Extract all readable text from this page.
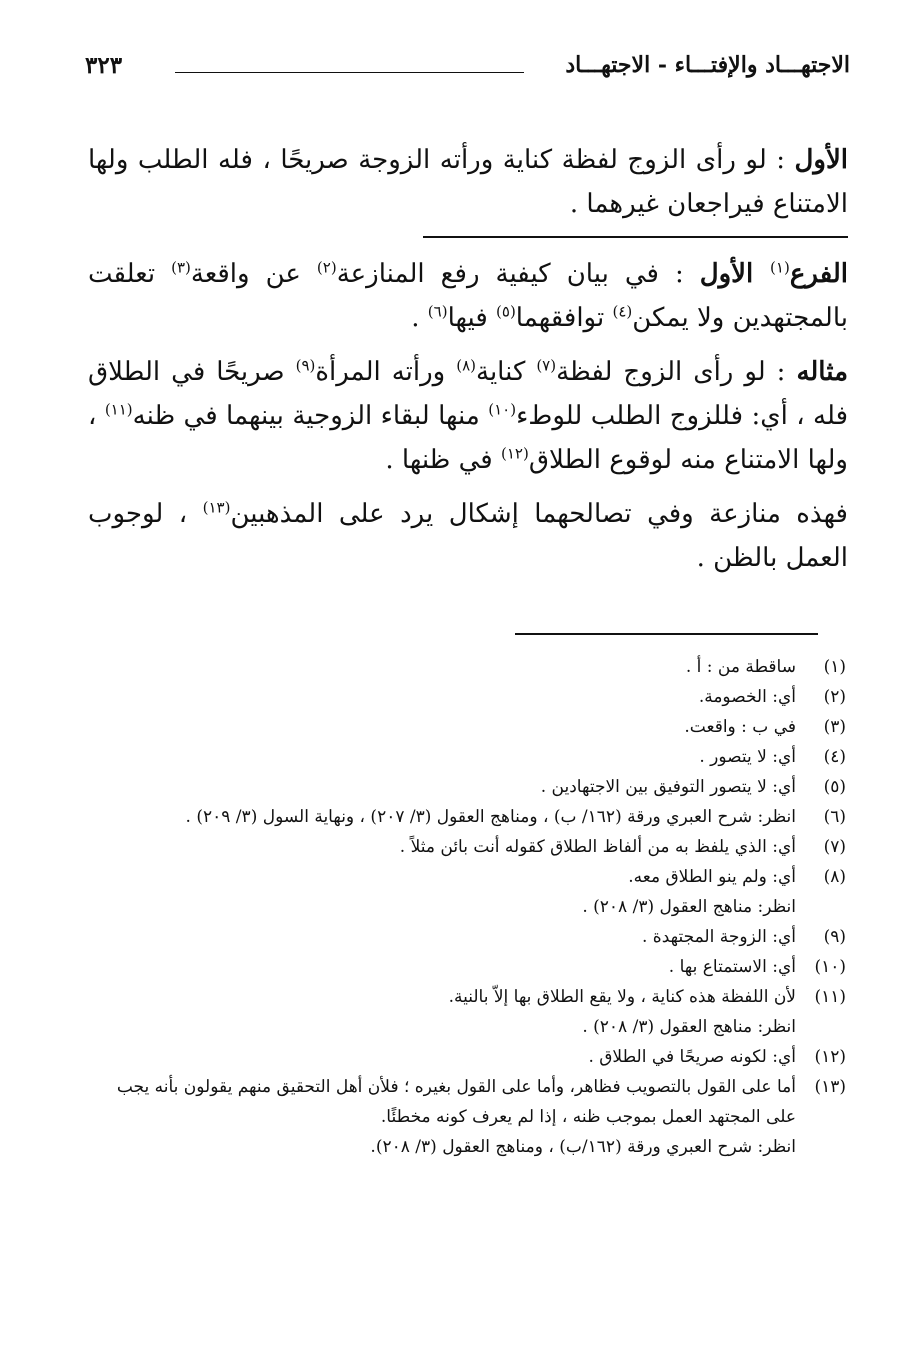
الاجتهـــاد والإفتـــاء - الاجتهـــاد
٣٢٣

الأول : لو رأى الزوج لفظة كناية ورأته الزوجة صريحًا ، فله الطلب ولها الامتناع فيراجعان غيرهما .

الفرع$^{(١)}$ الأول : في بيان كيفية رفع المنازعة$^{(٢)}$ عن واقعة$^{(٣)}$ تعلقت بالمجتهدين ولا يمكن$^{(٤)}$ توافقهما$^{(٥)}$ فيها$^{(٦)}$ .

مثاله : لو رأى الزوج لفظة$^{(٧)}$ كناية$^{(٨)}$ ورأته المرأة$^{(٩)}$ صريحًا في الطلاق فله ، أي: فللزوج الطلب للوطء$^{(١٠)}$ منها لبقاء الزوجية بينهما في ظنه$^{(١١)}$ ، ولها الامتناع منه لوقوع الطلاق$^{(١٢)}$ في ظنها .

فهذه منازعة وفي تصالحهما إشكال يرد على المذهبين$^{(١٣)}$ ، لوجوب العمل بالظن .

(١)
ساقطة من : أ .
(٢)
أي: الخصومة.
(٣)
في ب : واقعت.
(٤)
أي: لا يتصور .
(٥)
أي: لا يتصور التوفيق بين الاجتهادين .
(٦)
انظر: شرح العبري ورقة (١٦٢/ ب) ، ومناهج العقول (٣/ ٢٠٧) ، ونهاية السول (٣/ ٢٠٩) .
(٧)
أي: الذي يلفظ به من ألفاظ الطلاق كقوله أنت بائن مثلاً .
(٨)
أي: ولم ينو الطلاق معه.

انظر: مناهج العقول (٣/ ٢٠٨) .

(٩)
أي: الزوجة المجتهدة .
(١٠)
أي: الاستمتاع بها .
(١١)
لأن اللفظة هذه كناية ، ولا يقع الطلاق بها إلاّ بالنية.

انظر: مناهج العقول (٣/ ٢٠٨) .

(١٢)
أي: لكونه صريحًا في الطلاق .
(١٣)
أما على القول بالتصويب فظاهر، وأما على القول بغيره ؛ فلأن أهل التحقيق منهم يقولون بأنه يجب على المجتهد العمل بموجب ظنه ، إذا لم يعرف كونه مخطئًا.

انظر: شرح العبري ورقة (١٦٢/ب) ، ومناهج العقول (٣/ ٢٠٨).
